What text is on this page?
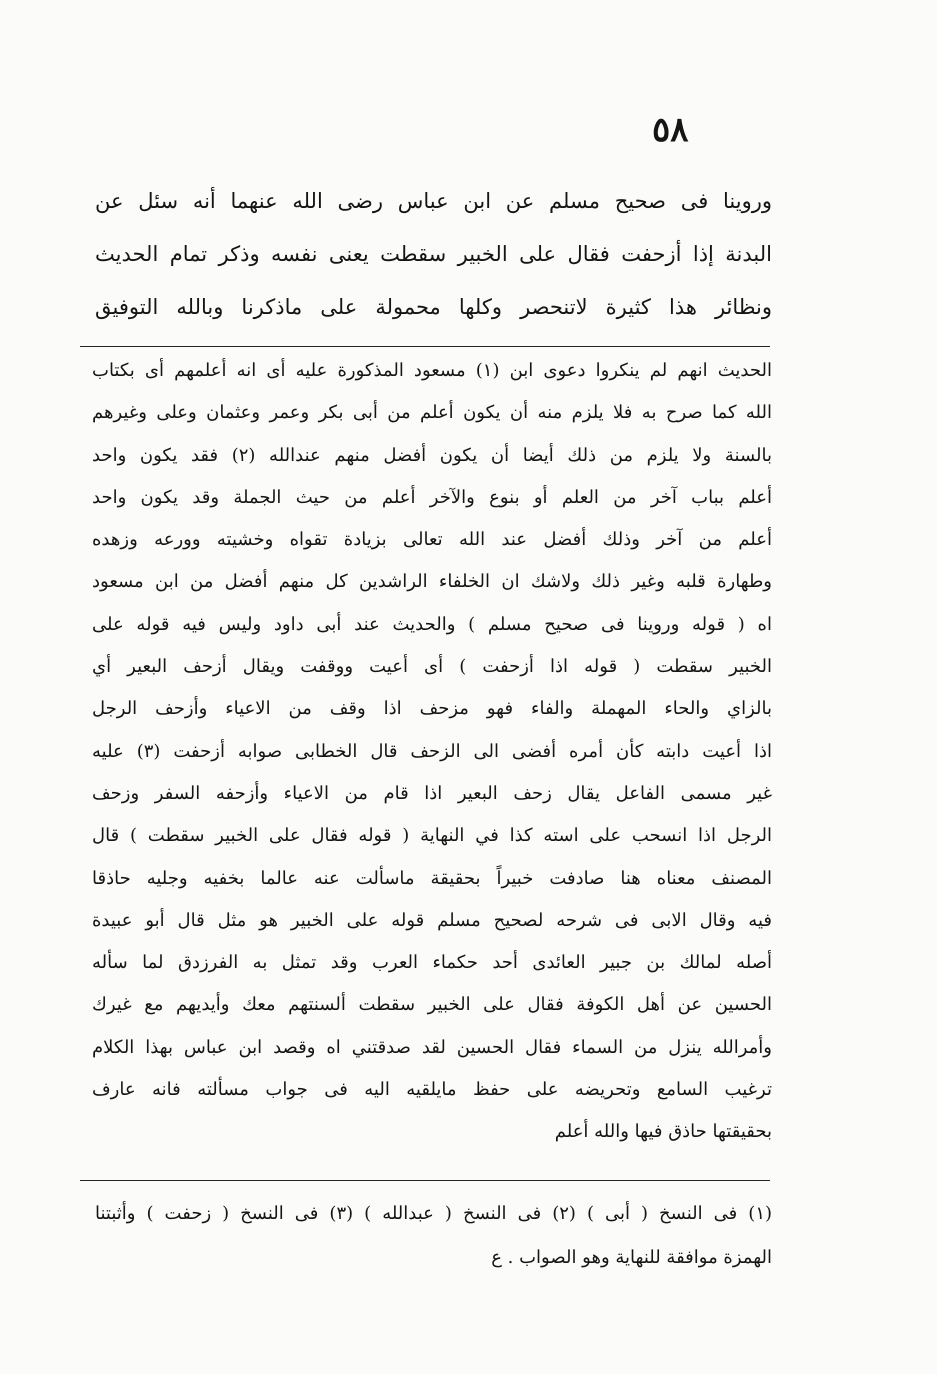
٥٨
وروينا فى صحيح مسلم عن ابن عباس رضى الله عنهما أنه سئل عن
البدنة إذا أزحفت فقال على الخبير سقطت يعنى نفسه وذكر تمام الحديث
ونظائر هذا كثيرة لاتنحصر وكلها محمولة على ماذكرنا وبالله التوفيق
الحديث انهم لم ينكروا دعوى ابن (١) مسعود المذكورة عليه أى انه أعلمهم أى بكتاب
الله كما صرح به فلا يلزم منه أن يكون أعلم من أبى بكر وعمر وعثمان وعلى وغيرهم
بالسنة ولا يلزم من ذلك أيضا أن يكون أفضل منهم عندالله (٢) فقد يكون واحد
أعلم بباب آخر من العلم أو بنوع والآخر أعلم من حيث الجملة وقد يكون واحد
أعلم من آخر وذلك أفضل عند الله تعالى بزيادة تقواه وخشيته وورعه وزهده
وطهارة قلبه وغير ذلك ولاشك ان الخلفاء الراشدين كل منهم أفضل من ابن مسعود
اه ( قوله وروينا فى صحيح مسلم ) والحديث عند أبى داود وليس فيه قوله على
الخبير سقطت ( قوله اذا أزحفت ) أى أعيت ووقفت ويقال أزحف البعير أي
بالزاي والحاء المهملة والفاء فهو مزحف اذا وقف من الاعياء وأزحف الرجل
اذا أعيت دابته كأن أمره أفضى الى الزحف قال الخطابى صوابه أزحفت (٣) عليه
غير مسمى الفاعل يقال زحف البعير اذا قام من الاعياء وأزحفه السفر وزحف
الرجل اذا انسحب على استه كذا في النهاية ( قوله فقال على الخبير سقطت ) قال
المصنف معناه هنا صادفت خبيراً بحقيقة ماسألت عنه عالما بخفيه وجليه حاذقا
فيه وقال الابى فى شرحه لصحيح مسلم قوله على الخبير هو مثل قال أبو عبيدة
أصله لمالك بن جبير العائدى أحد حكماء العرب وقد تمثل به الفرزدق لما سأله
الحسين عن أهل الكوفة فقال على الخبير سقطت ألسنتهم معك وأيديهم مع غيرك
وأمرالله ينزل من السماء فقال الحسين لقد صدقتني اه وقصد ابن عباس بهذا الكلام
ترغيب السامع وتحريضه على حفظ مايلقيه اليه فى جواب مسألته فانه عارف
بحقيقتها حاذق فيها والله أعلم
(١) فى النسخ ( أبى ) (٢) فى النسخ ( عبدالله ) (٣) فى النسخ ( زحفت ) وأثبتنا
الهمزة موافقة للنهاية وهو الصواب . ع
